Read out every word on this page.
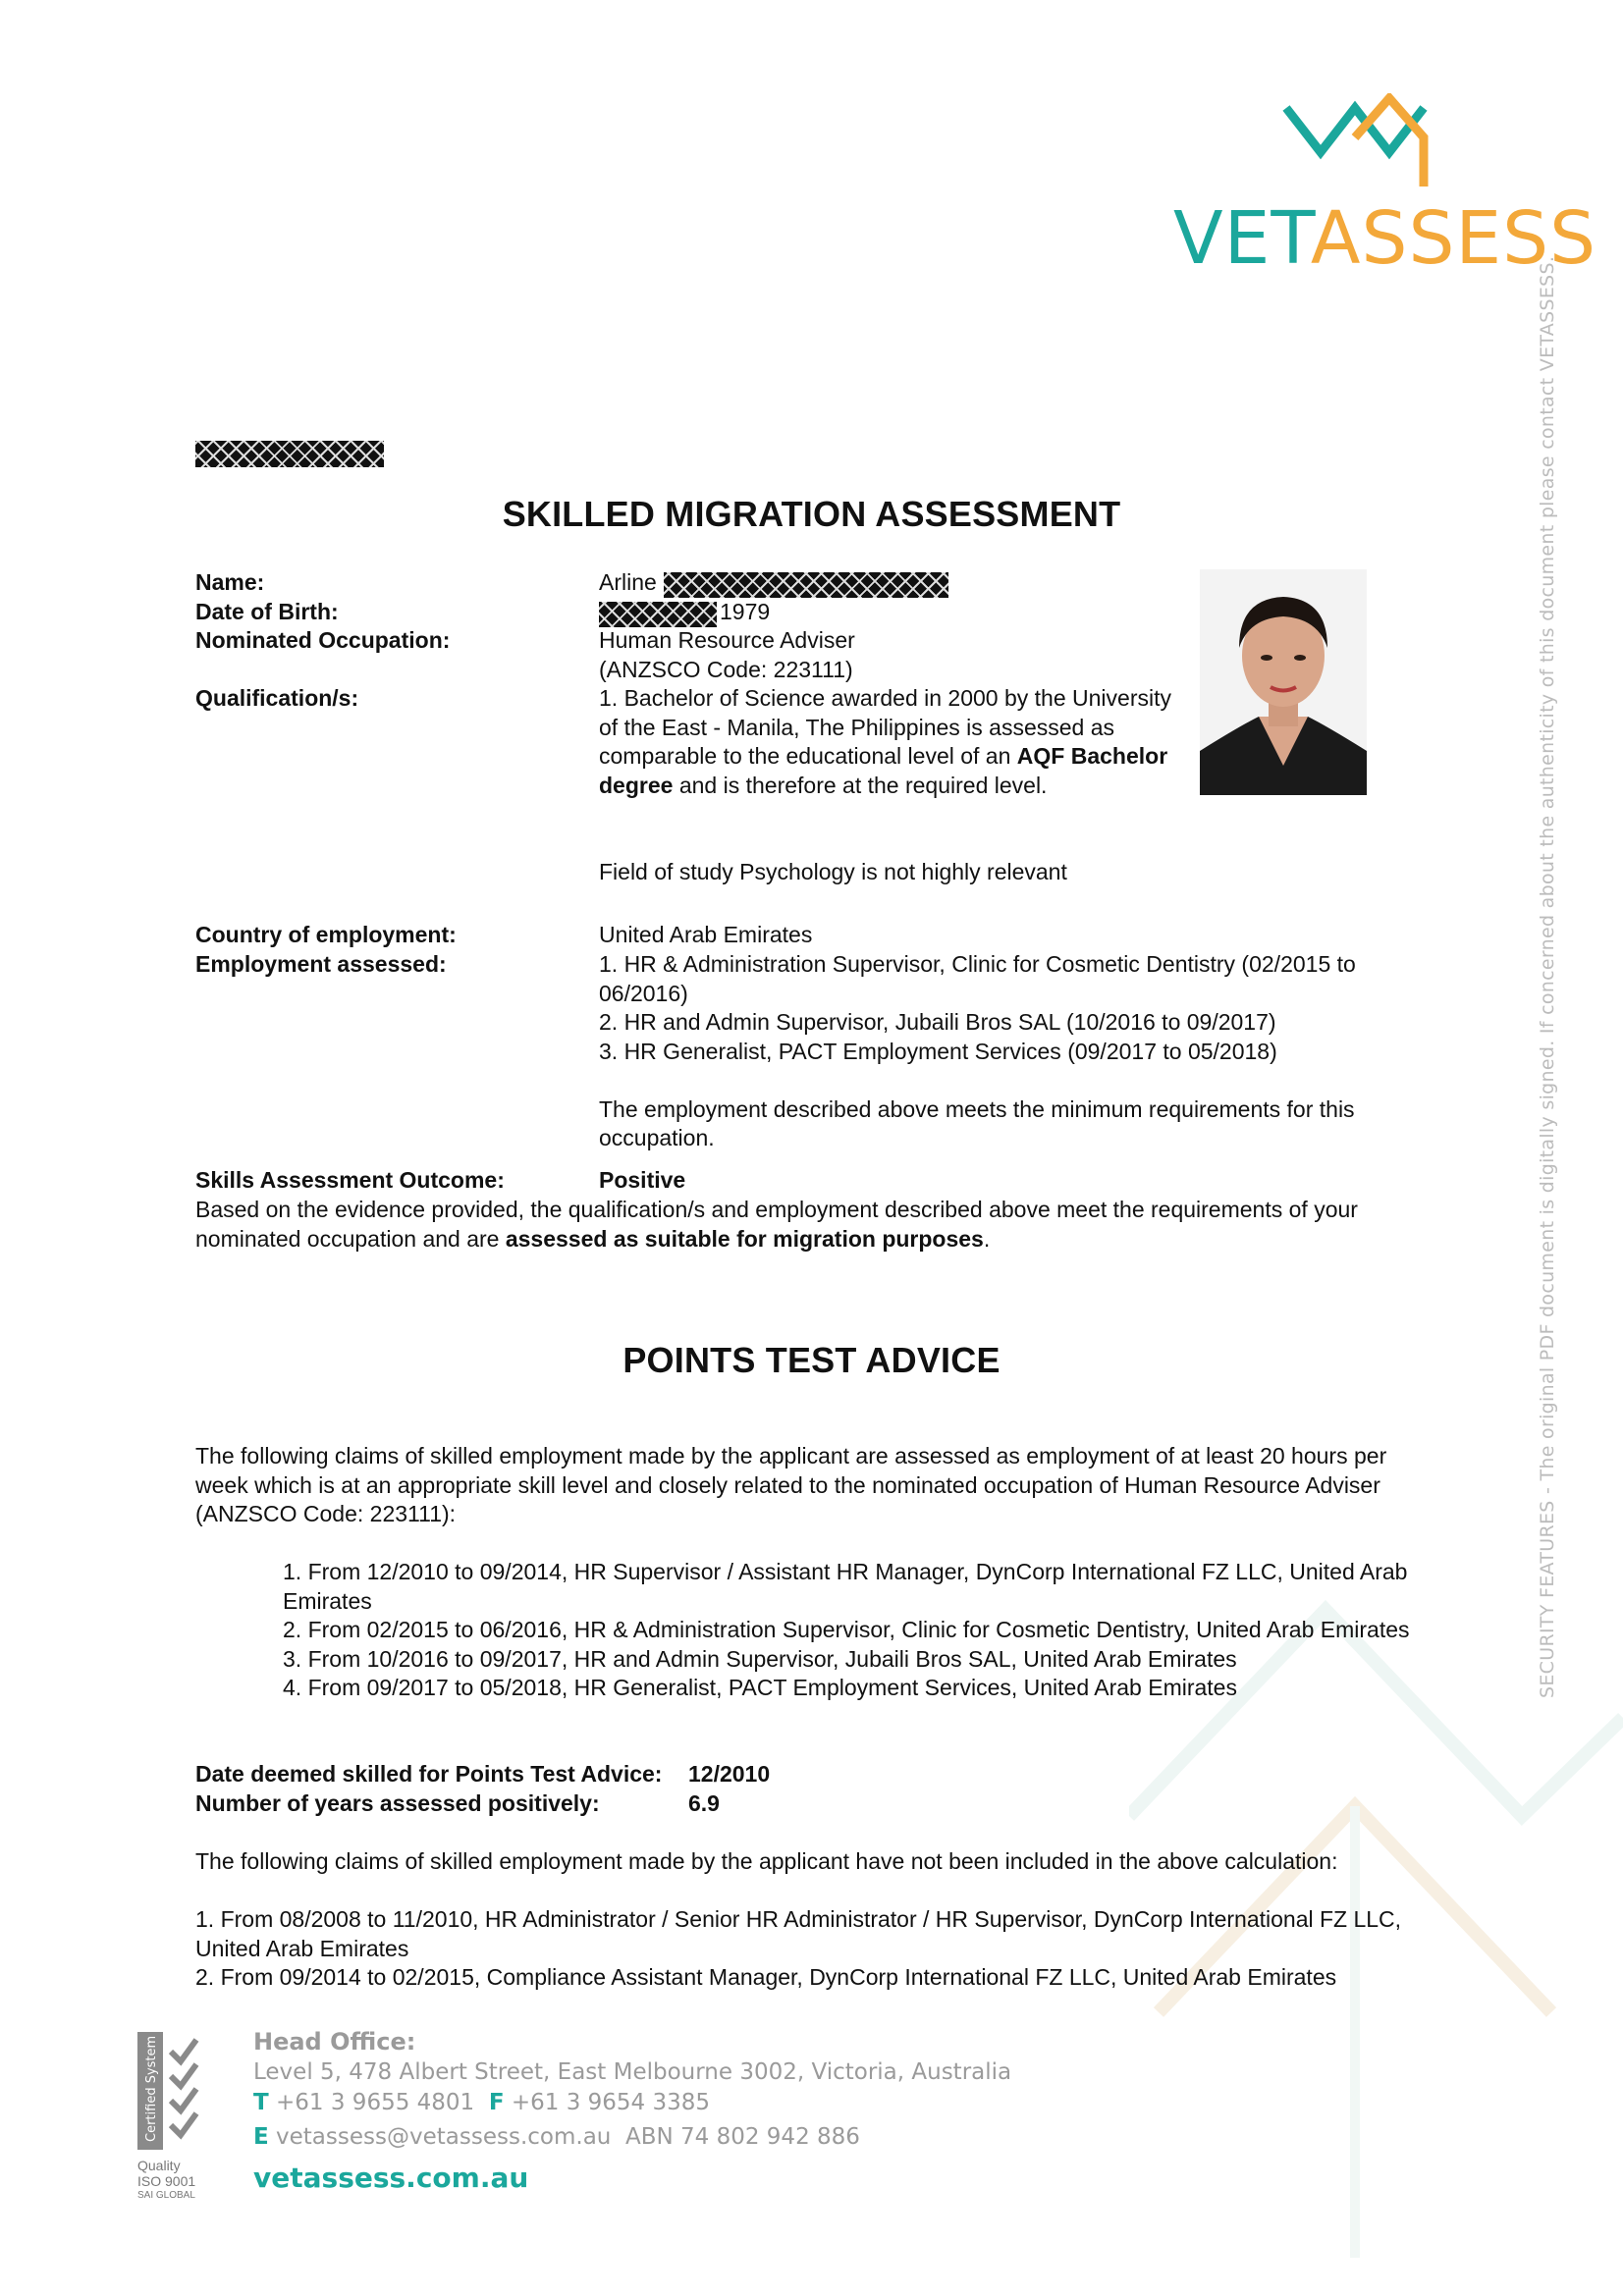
VETASSESS
SECURITY FEATURES - The original PDF document is digitally signed. If concerned about the authenticity of this document please contact VETASSESS.
SKILLED MIGRATION ASSESSMENT
Name:	Arline
Date of Birth:	1979
Nominated Occupation:	Human Resource Adviser
(ANZSCO Code: 223111)
Qualification/s:	1. Bachelor of Science awarded in 2000 by the University of the East - Manila, The Philippines is assessed as comparable to the educational level of an AQF Bachelor degree and is therefore at the required level.

Field of study Psychology is not highly relevant
Country of employment:	United Arab Emirates
Employment assessed:	1. HR & Administration Supervisor, Clinic for Cosmetic Dentistry (02/2015 to 06/2016)

2. HR and Admin Supervisor, Jubaili Bros SAL (10/2016 to 09/2017)

3. HR Generalist, PACT Employment Services (09/2017 to 05/2018)

The employment described above meets the minimum requirements for this occupation.

Skills Assessment Outcome:	Positive

Based on the evidence provided, the qualification/s and employment described above meet the requirements of your nominated occupation and are assessed as suitable for migration purposes.

POINTS TEST ADVICE

The following claims of skilled employment made by the applicant are assessed as employment of at least 20 hours per week which is at an appropriate skill level and closely related to the nominated occupation of Human Resource Adviser (ANZSCO Code: 223111):

1. From 12/2010 to 09/2014, HR Supervisor / Assistant HR Manager, DynCorp International FZ LLC, United Arab Emirates

2. From 02/2015 to 06/2016, HR & Administration Supervisor, Clinic for Cosmetic Dentistry, United Arab Emirates

3. From 10/2016 to 09/2017, HR and Admin Supervisor, Jubaili Bros SAL, United Arab Emirates

4. From 09/2017 to 05/2018, HR Generalist, PACT Employment Services, United Arab Emirates

Date deemed skilled for Points Test Advice: 12/2010
Number of years assessed positively:	6.9

The following claims of skilled employment made by the applicant have not been included in the above calculation:

1. From 08/2008 to 11/2010, HR Administrator / Senior HR Administrator / HR Supervisor, DynCorp International FZ LLC, United Arab Emirates

2. From 09/2014 to 02/2015, Compliance Assistant Manager, DynCorp International FZ LLC, United Arab Emirates

Certified System
Quality
ISO 9001
SAI GLOBAL
Head Office:
Level 5, 478 Albert Street, East Melbourne 3002, Victoria, Australia
T +61 3 9655 4801 F +61 3 9654 3385
E vetassess@vetassess.com.au ABN 74 802 942 886
vetassess.com.au
